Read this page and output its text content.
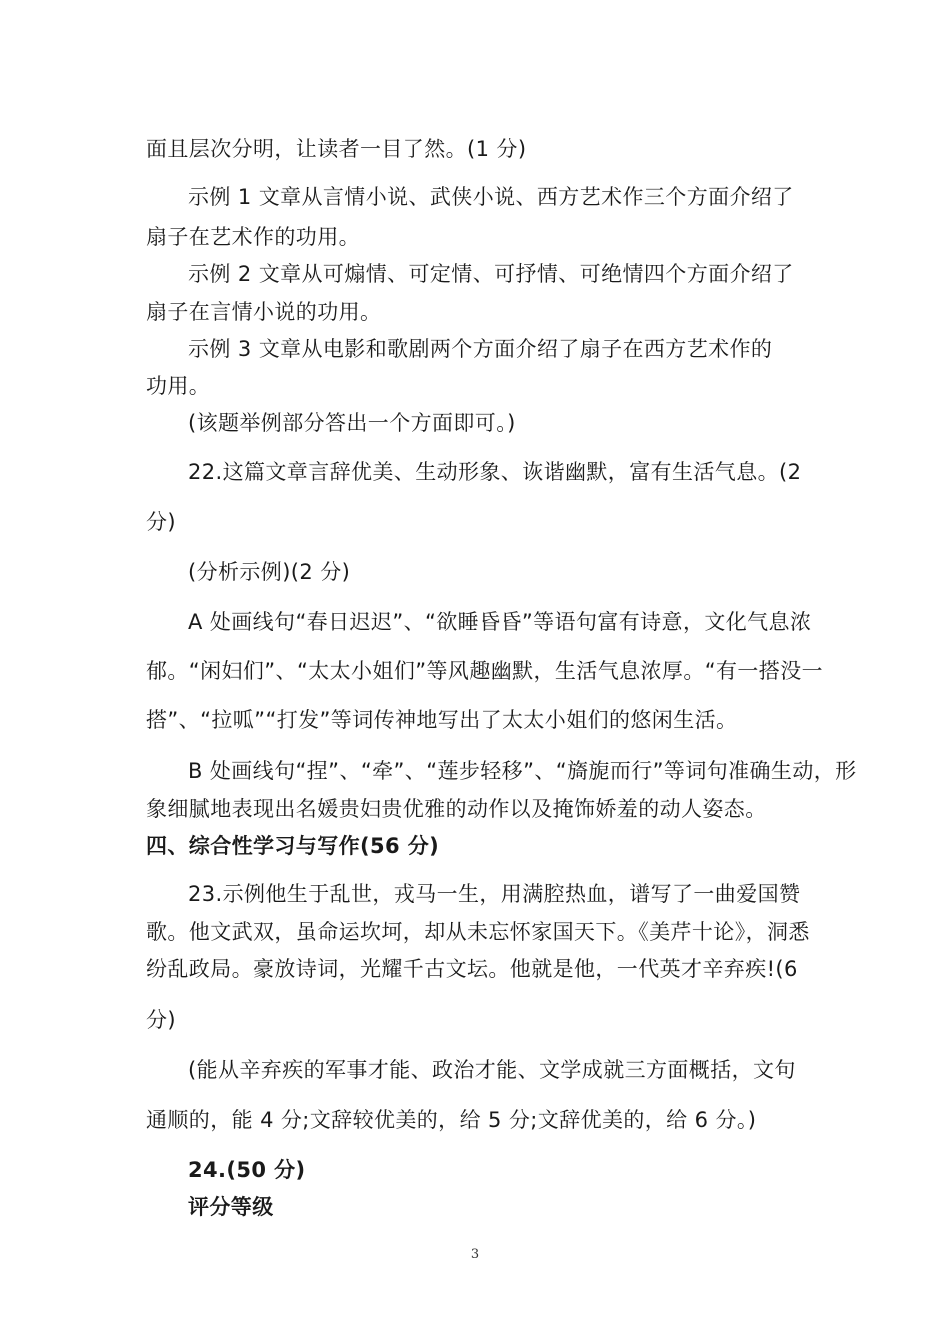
面且层次分明，让读者一目了然。(1 分)
示例 1 文章从言情小说、武侠小说、西方艺术作三个方面介绍了
扇子在艺术作的功用。
示例 2 文章从可煽情、可定情、可抒情、可绝情四个方面介绍了
扇子在言情小说的功用。
示例 3 文章从电影和歌剧两个方面介绍了扇子在西方艺术作的
功用。
(该题举例部分答出一个方面即可。)
22.这篇文章言辞优美、生动形象、诙谐幽默，富有生活气息。(2
分)
(分析示例)(2 分)
A 处画线句“春日迟迟”、“欲睡昏昏”等语句富有诗意，文化气息浓
郁。“闲妇们”、“太太小姐们”等风趣幽默，生活气息浓厚。“有一搭没一
搭”、“拉呱”“打发”等词传神地写出了太太小姐们的悠闲生活。
B 处画线句“捏”、“牵”、“莲步轻移”、“旖旎而行”等词句准确生动，形
象细腻地表现出名媛贵妇贵优雅的动作以及掩饰娇羞的动人姿态。
四、综合性学习与写作(56 分)
23.示例他生于乱世，戎马一生，用满腔热血，谱写了一曲爱国赞
歌。他文武双，虽命运坎坷，却从未忘怀家国天下。《美芹十论》，洞悉
纷乱政局。豪放诗词，光耀千古文坛。他就是他，一代英才辛弃疾!(6
分)
(能从辛弃疾的军事才能、政治才能、文学成就三方面概括，文句
通顺的，能 4 分;文辞较优美的，给 5 分;文辞优美的，给 6 分。)
24.(50 分)
评分等级
3
